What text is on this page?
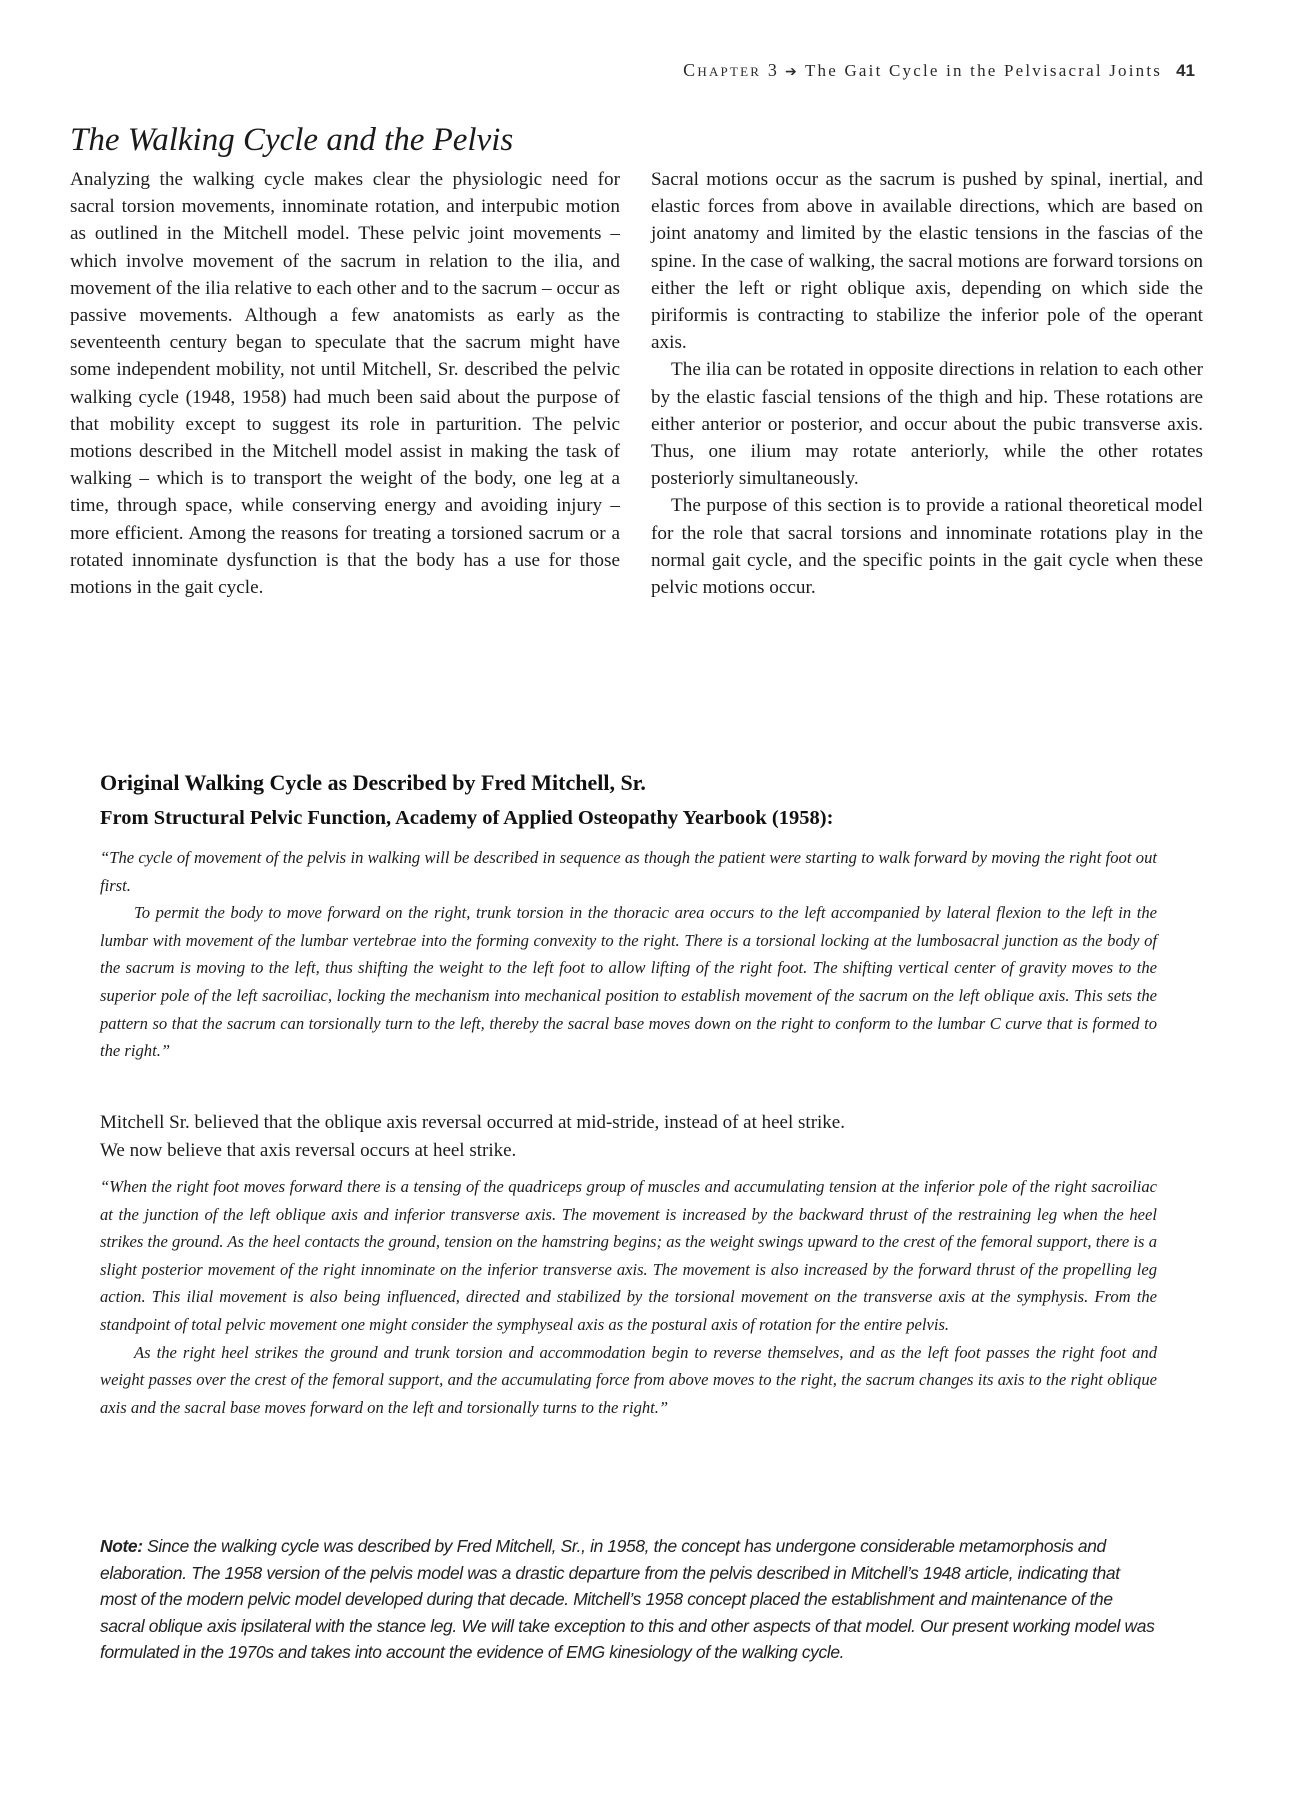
Chapter 3 ➔ The Gait Cycle in the Pelvisacral Joints 41
The Walking Cycle and the Pelvis

Analyzing the walking cycle makes clear the physiologic need for sacral torsion movements, innominate rotation, and interpubic motion as outlined in the Mitchell model. These pelvic joint movements – which involve movement of the sacrum in relation to the ilia, and movement of the ilia relative to each other and to the sacrum – occur as passive movements. Although a few anatomists as early as the seventeenth century began to speculate that the sacrum might have some independent mobility, not until Mitchell, Sr. described the pelvic walking cycle (1948, 1958) had much been said about the purpose of that mobility except to suggest its role in parturition. The pelvic motions described in the Mitchell model assist in making the task of walking – which is to transport the weight of the body, one leg at a time, through space, while conserving energy and avoiding injury – more efficient. Among the reasons for treating a torsioned sacrum or a rotated innominate dysfunction is that the body has a use for those motions in the gait cycle.

Sacral motions occur as the sacrum is pushed by spinal, inertial, and elastic forces from above in available directions, which are based on joint anatomy and limited by the elastic tensions in the fascias of the spine. In the case of walking, the sacral motions are forward torsions on either the left or right oblique axis, depending on which side the piriformis is contracting to stabilize the inferior pole of the operant axis.

The ilia can be rotated in opposite directions in relation to each other by the elastic fascial tensions of the thigh and hip. These rotations are either anterior or posterior, and occur about the pubic transverse axis. Thus, one ilium may rotate anteriorly, while the other rotates posteriorly simultaneously.

The purpose of this section is to provide a rational theoretical model for the role that sacral torsions and innominate rotations play in the normal gait cycle, and the specific points in the gait cycle when these pelvic motions occur.

Original Walking Cycle as Described by Fred Mitchell, Sr.
From Structural Pelvic Function, Academy of Applied Osteopathy Yearbook (1958):

“The cycle of movement of the pelvis in walking will be described in sequence as though the patient were starting to walk forward by moving the right foot out first.

To permit the body to move forward on the right, trunk torsion in the thoracic area occurs to the left accompanied by lateral flexion to the left in the lumbar with movement of the lumbar vertebrae into the forming convexity to the right. There is a torsional locking at the lumbosacral junction as the body of the sacrum is moving to the left, thus shifting the weight to the left foot to allow lifting of the right foot. The shifting vertical center of gravity moves to the superior pole of the left sacroiliac, locking the mechanism into mechanical position to establish movement of the sacrum on the left oblique axis. This sets the pattern so that the sacrum can torsionally turn to the left, thereby the sacral base moves down on the right to conform to the lumbar C curve that is formed to the right.”

Mitchell Sr. believed that the oblique axis reversal occurred at mid-stride, instead of at heel strike.

We now believe that axis reversal occurs at heel strike.

“When the right foot moves forward there is a tensing of the quadriceps group of muscles and accumulating tension at the inferior pole of the right sacroiliac at the junction of the left oblique axis and inferior transverse axis. The movement is increased by the backward thrust of the restraining leg when the heel strikes the ground. As the heel contacts the ground, tension on the hamstring begins; as the weight swings upward to the crest of the femoral support, there is a slight posterior movement of the right innominate on the inferior transverse axis. The movement is also increased by the forward thrust of the propelling leg action. This ilial movement is also being influenced, directed and stabilized by the torsional movement on the transverse axis at the symphysis. From the standpoint of total pelvic movement one might consider the symphyseal axis as the postural axis of rotation for the entire pelvis.

As the right heel strikes the ground and trunk torsion and accommodation begin to reverse themselves, and as the left foot passes the right foot and weight passes over the crest of the femoral support, and the accumulating force from above moves to the right, the sacrum changes its axis to the right oblique axis and the sacral base moves forward on the left and torsionally turns to the right.”

Note: Since the walking cycle was described by Fred Mitchell, Sr., in 1958, the concept has undergone considerable metamorphosis and elaboration. The 1958 version of the pelvis model was a drastic departure from the pelvis described in Mitchell’s 1948 article, indicating that most of the modern pelvic model developed during that decade. Mitchell’s 1958 concept placed the establishment and maintenance of the sacral oblique axis ipsilateral with the stance leg. We will take exception to this and other aspects of that model. Our present working model was formulated in the 1970s and takes into account the evidence of EMG kinesiology of the walking cycle.
